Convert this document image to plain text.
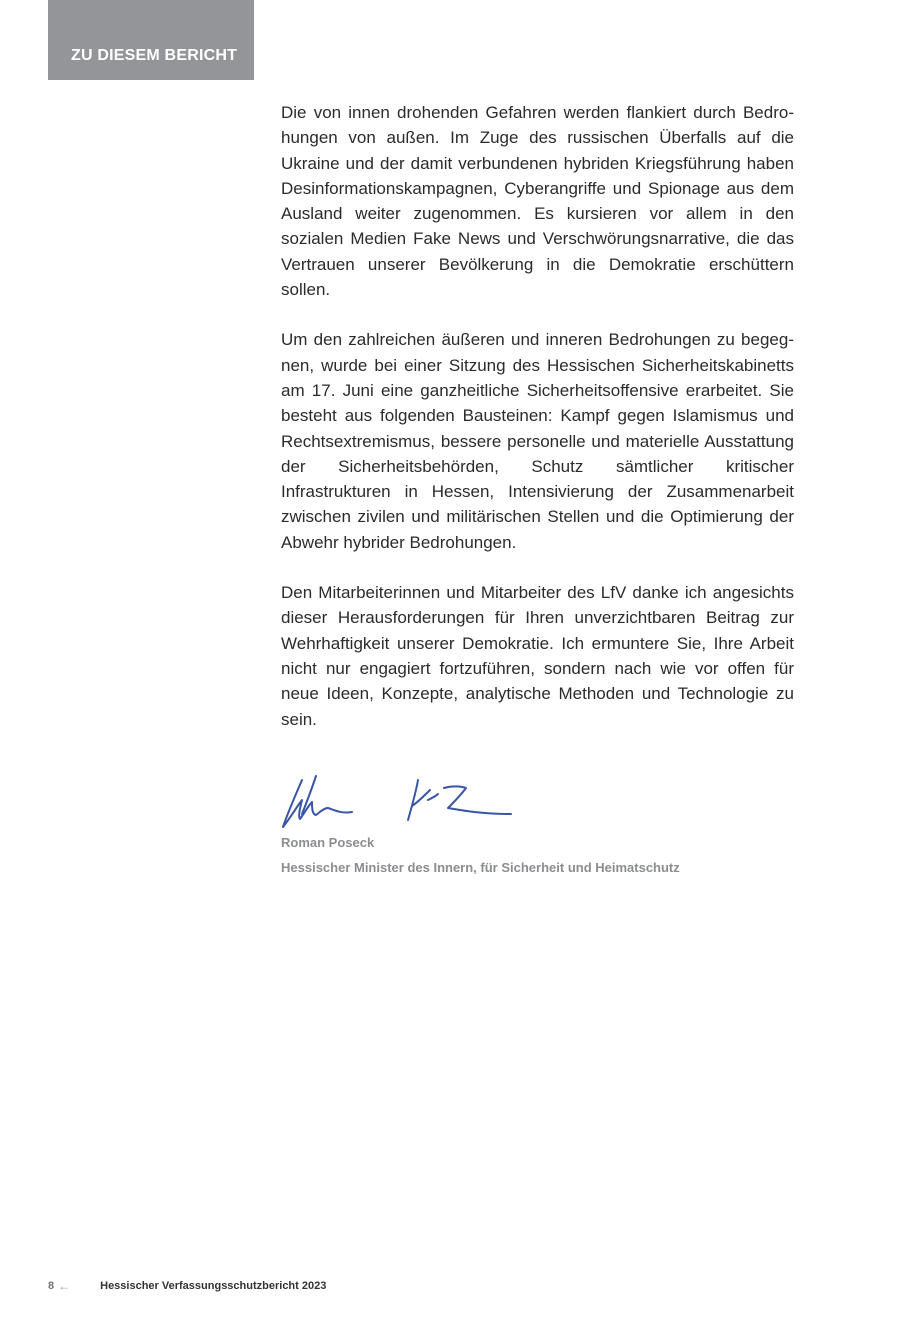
ZU DIESEM BERICHT

Die von innen drohenden Gefahren werden flankiert durch Bedrohungen von außen. Im Zuge des russischen Überfalls auf die Ukraine und der damit verbundenen hybriden Kriegsführung haben Desinformationskampagnen, Cyberangriffe und Spionage aus dem Ausland weiter zugenommen. Es kursieren vor allem in den sozialen Medien Fake News und Verschwörungsnarrative, die das Vertrauen unserer Bevölkerung in die Demokratie erschüttern sollen.

Um den zahlreichen äußeren und inneren Bedrohungen zu begegnen, wurde bei einer Sitzung des Hessischen Sicherheitskabinetts am 17. Juni eine ganzheitliche Sicherheitsoffensive erarbeitet. Sie besteht aus folgenden Bausteinen: Kampf gegen Islamismus und Rechtsextremismus, bessere personelle und materielle Ausstattung der Sicherheitsbehörden, Schutz sämtlicher kritischer Infrastrukturen in Hessen, Intensivierung der Zusammenarbeit zwischen zivilen und militärischen Stellen und die Optimierung der Abwehr hybrider Bedrohungen.

Den Mitarbeiterinnen und Mitarbeiter des LfV danke ich angesichts dieser Herausforderungen für Ihren unverzichtbaren Beitrag zur Wehrhaftigkeit unserer Demokratie. Ich ermuntere Sie, Ihre Arbeit nicht nur engagiert fortzuführen, sondern nach wie vor offen für neue Ideen, Konzepte, analytische Methoden und Technologie zu sein.

Roman Poseck
Hessischer Minister des Innern, für Sicherheit und Heimatschutz
8 ←	Hessischer Verfassungsschutzbericht 2023
